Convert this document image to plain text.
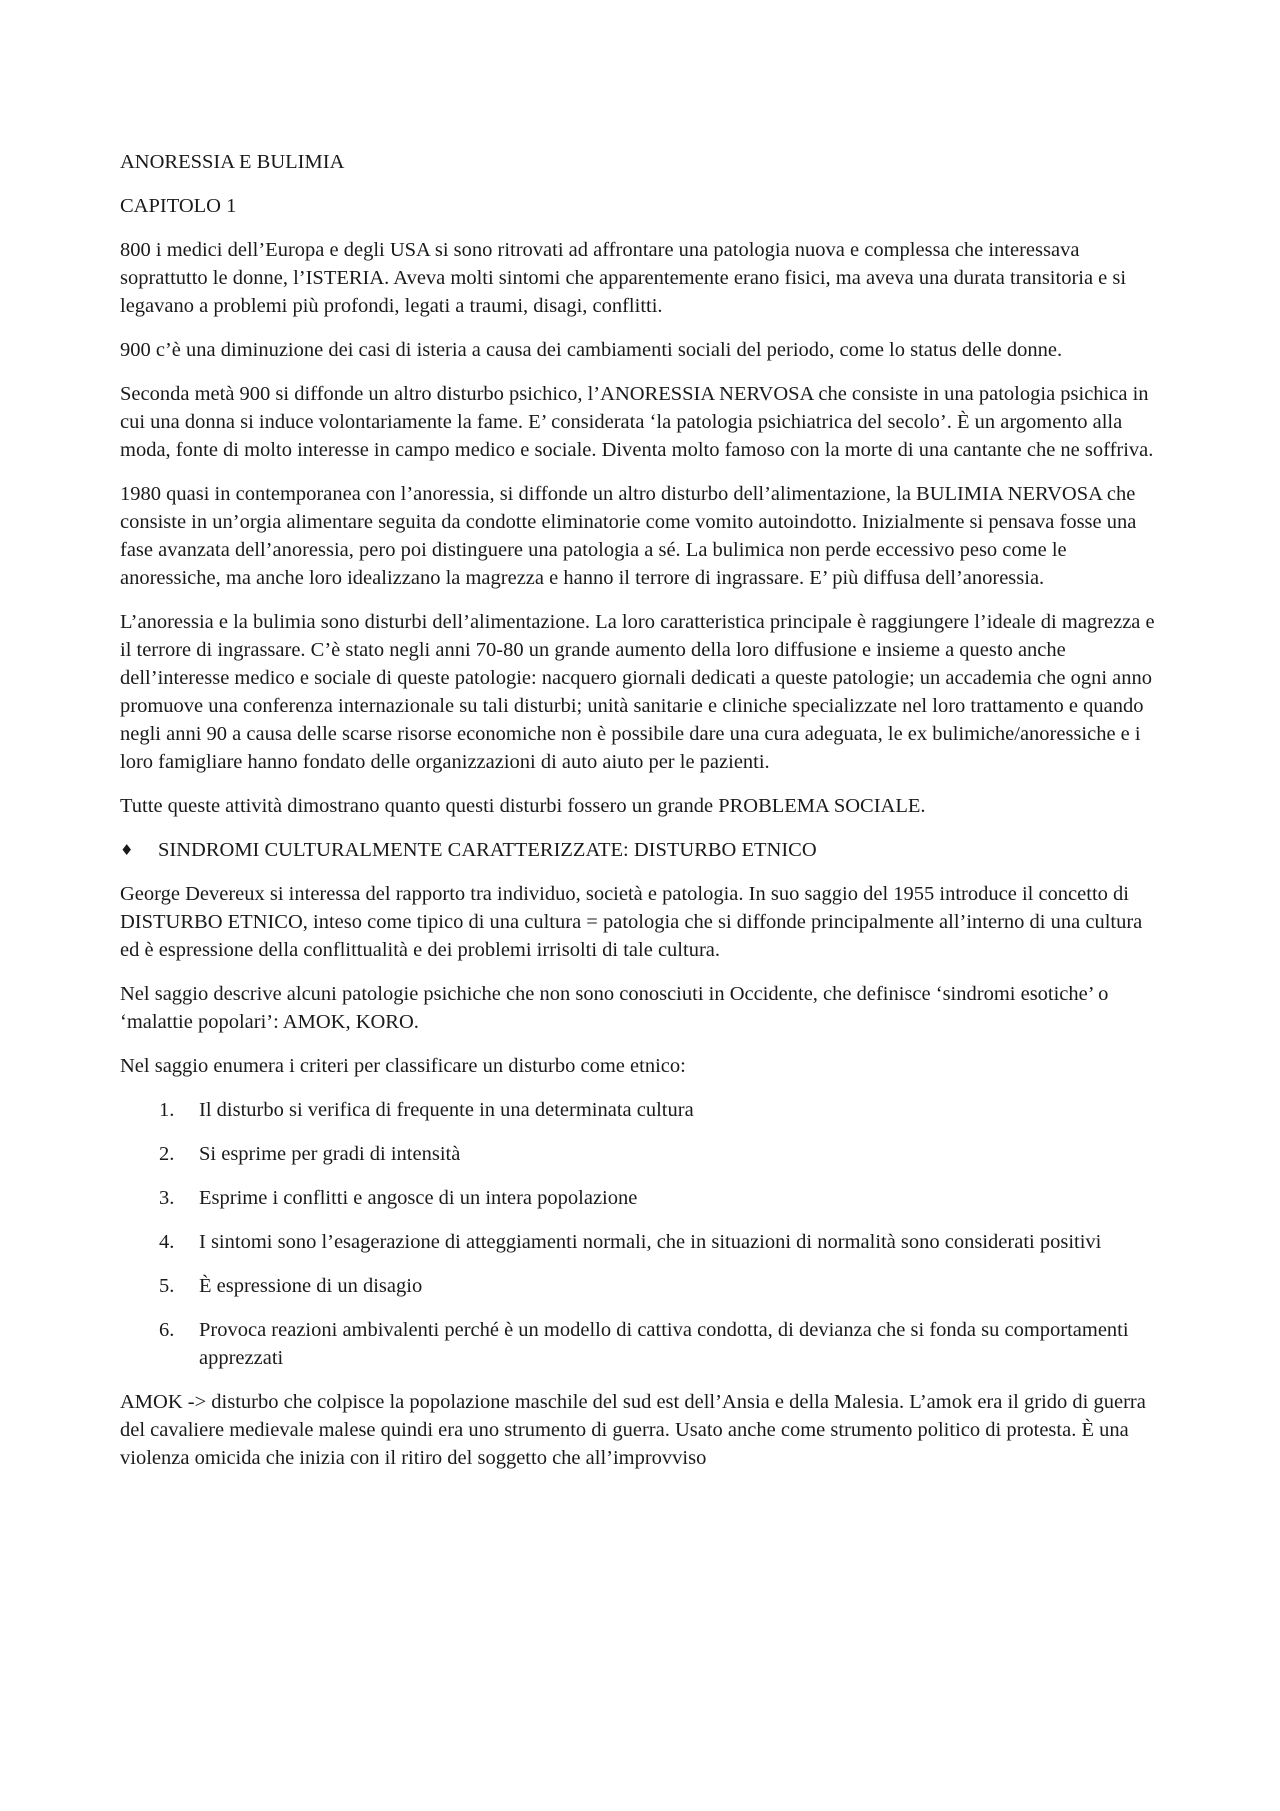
ANORESSIA E BULIMIA

CAPITOLO 1

800 i medici dell’Europa e degli USA si sono ritrovati ad affrontare una patologia nuova e complessa che interessava soprattutto le donne, l’ISTERIA. Aveva molti sintomi che apparentemente erano fisici, ma aveva una durata transitoria e si legavano a problemi più profondi, legati a traumi, disagi, conflitti.

900 c’è una diminuzione dei casi di isteria a causa dei cambiamenti sociali del periodo, come lo status delle donne.

Seconda metà 900 si diffonde un altro disturbo psichico, l’ANORESSIA NERVOSA che consiste in una patologia psichica in cui una donna si induce volontariamente la fame. E’ considerata ‘la patologia psichiatrica del secolo’. È un argomento alla moda, fonte di molto interesse in campo medico e sociale. Diventa molto famoso con la morte di una cantante che ne soffriva.

1980 quasi in contemporanea con l’anoressia, si diffonde un altro disturbo dell’alimentazione, la BULIMIA NERVOSA che consiste in un’orgia alimentare seguita da condotte eliminatorie come vomito autoindotto. Inizialmente si pensava fosse una fase avanzata dell’anoressia, pero poi distinguere una patologia a sé. La bulimica non perde eccessivo peso come le anoressiche, ma anche loro idealizzano la magrezza e hanno il terrore di ingrassare. E’ più diffusa dell’anoressia.

L’anoressia e la bulimia sono disturbi dell’alimentazione. La loro caratteristica principale è raggiungere l’ideale di magrezza e il terrore di ingrassare. C’è stato negli anni 70-80 un grande aumento della loro diffusione e insieme a questo anche dell’interesse medico e sociale di queste patologie: nacquero giornali dedicati a queste patologie; un accademia che ogni anno promuove una conferenza internazionale su tali disturbi; unità sanitarie e cliniche specializzate nel loro trattamento e quando negli anni 90 a causa delle scarse risorse economiche non è possibile dare una cura adeguata, le ex bulimiche/anoressiche e i loro famigliare hanno fondato delle organizzazioni di auto aiuto per le pazienti.

Tutte queste attività dimostrano quanto questi disturbi fossero un grande PROBLEMA SOCIALE.

♦	SINDROMI CULTURALMENTE CARATTERIZZATE: DISTURBO ETNICO

George Devereux si interessa del rapporto tra individuo, società e patologia. In suo saggio del 1955 introduce il concetto di DISTURBO ETNICO, inteso come tipico di una cultura = patologia che si diffonde principalmente all’interno di una cultura ed è espressione della conflittualità e dei problemi irrisolti di tale cultura.

Nel saggio descrive alcuni patologie psichiche che non sono conosciuti in Occidente, che definisce ‘sindromi esotiche’ o ‘malattie popolari’: AMOK, KORO.

Nel saggio enumera i criteri per classificare un disturbo come etnico:

1.	Il disturbo si verifica di frequente in una determinata cultura
2.	Si esprime per gradi di intensità
3.	Esprime i conflitti e angosce di un intera popolazione
4.	I sintomi sono l’esagerazione di atteggiamenti normali, che in situazioni di normalità sono considerati positivi
5.	È espressione di un disagio
6.	Provoca reazioni ambivalenti perché è un modello di cattiva condotta, di devianza che si fonda su comportamenti apprezzati

AMOK -> disturbo che colpisce la popolazione maschile del sud est dell’Ansia e della Malesia. L’amok era il grido di guerra del cavaliere medievale malese quindi era uno strumento di guerra. Usato anche come strumento politico di protesta. È una violenza omicida che inizia con il ritiro del soggetto che all’improvviso
